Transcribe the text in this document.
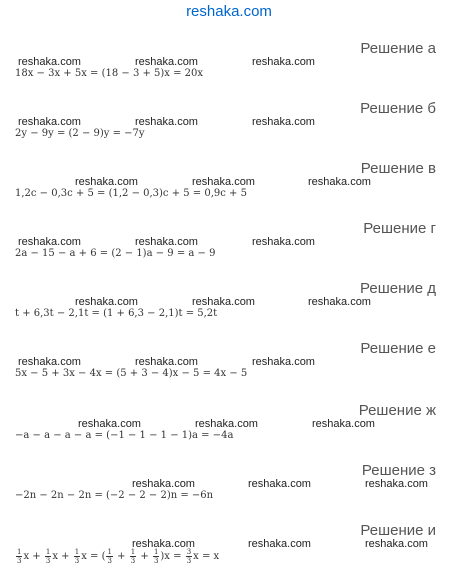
reshaka.com
Решение а
reshaka.com	reshaka.com	reshaka.com
18x − 3x + 5x = (18 − 3 + 5)x = 20x
Решение б
reshaka.com	reshaka.com	reshaka.com
2y − 9y = (2 − 9)y = −7y
Решение в
reshaka.com	reshaka.com	reshaka.com
1,2c − 0,3c + 5 = (1,2 − 0,3)c + 5 = 0,9c + 5
Решение г
reshaka.com	reshaka.com	reshaka.com
2a − 15 − a + 6 = (2 − 1)a − 9 = a − 9
Решение д
reshaka.com	reshaka.com	reshaka.com
t + 6,3t − 2,1t = (1 + 6,3 − 2,1)t = 5,2t
Решение е
reshaka.com	reshaka.com	reshaka.com
5x − 5 + 3x − 4x = (5 + 3 − 4)x − 5 = 4x − 5
Решение ж
reshaka.com	reshaka.com	reshaka.com
−a − a − a − a = (−1 − 1 − 1 − 1)a = −4a
Решение з
reshaka.com	reshaka.com	reshaka.com
−2n − 2n − 2n = (−2 − 2 − 2)n = −6n
Решение и
reshaka.com	reshaka.com	reshaka.com
$\frac{1}{3}$ $x + \frac{1}{3}$ $x + \frac{1}{3}$ x = ( $\frac{1}{3} + \frac{1}{3} + \frac{1}{3} )x = \frac{3}{3}$ x = x
